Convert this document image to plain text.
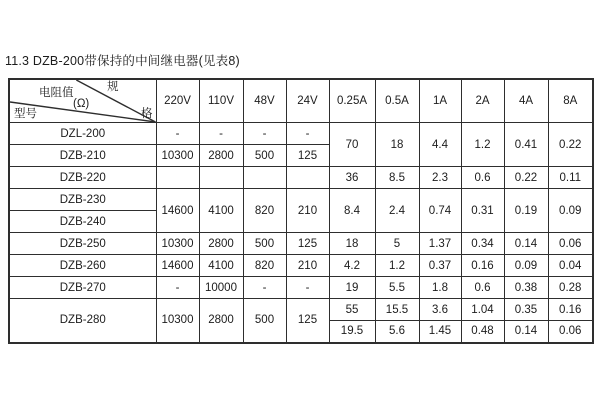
11.3 DZB-200带保持的中间继电器(见表8)
电阻值
(Ω)
规
格
型号	220V	110V	48V	24V	0.25A	0.5A	1A	2A	4A	8A
DZL-200	-	-	-	-	70	18	4.4	1.2	0.41	0.22
DZB-210	10300	2800	500	125						
DZB-220					36	8.5	2.3	0.6	0.22	0.11
DZB-230	14600	4100	820	210	8.4	2.4	0.74	0.31	0.19	0.09
DZB-240										
DZB-250	10300	2800	500	125	18	5	1.37	0.34	0.14	0.06
DZB-260	14600	4100	820	210	4.2	1.2	0.37	0.16	0.09	0.04
DZB-270	-	10000	-	-	19	5.5	1.8	0.6	0.38	0.28
DZB-280	10300	2800	500	125	55	15.5	3.6	1.04	0.35	0.16
					19.5	5.6	1.45	0.48	0.14	0.06
